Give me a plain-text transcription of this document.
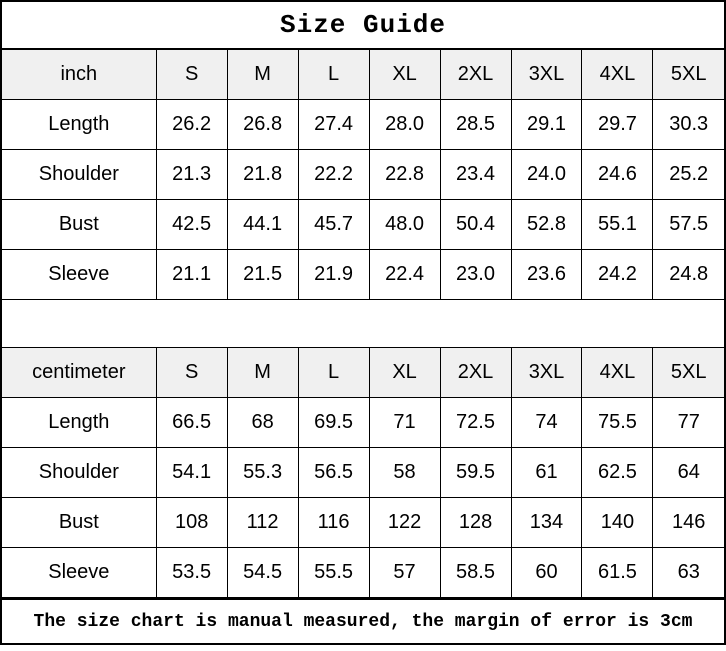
Size Guide
inch	S	M	L	XL	2XL	3XL	4XL	5XL
Length	26.2	26.8	27.4	28.0	28.5	29.1	29.7	30.3
Shoulder	21.3	21.8	22.2	22.8	23.4	24.0	24.6	25.2
Bust	42.5	44.1	45.7	48.0	50.4	52.8	55.1	57.5
Sleeve	21.1	21.5	21.9	22.4	23.0	23.6	24.2	24.8
centimeter	S	M	L	XL	2XL	3XL	4XL	5XL
Length	66.5	68	69.5	71	72.5	74	75.5	77
Shoulder	54.1	55.3	56.5	58	59.5	61	62.5	64
Bust	108	112	116	122	128	134	140	146
Sleeve	53.5	54.5	55.5	57	58.5	60	61.5	63
The size chart is manual measured, the margin of error is 3cm
